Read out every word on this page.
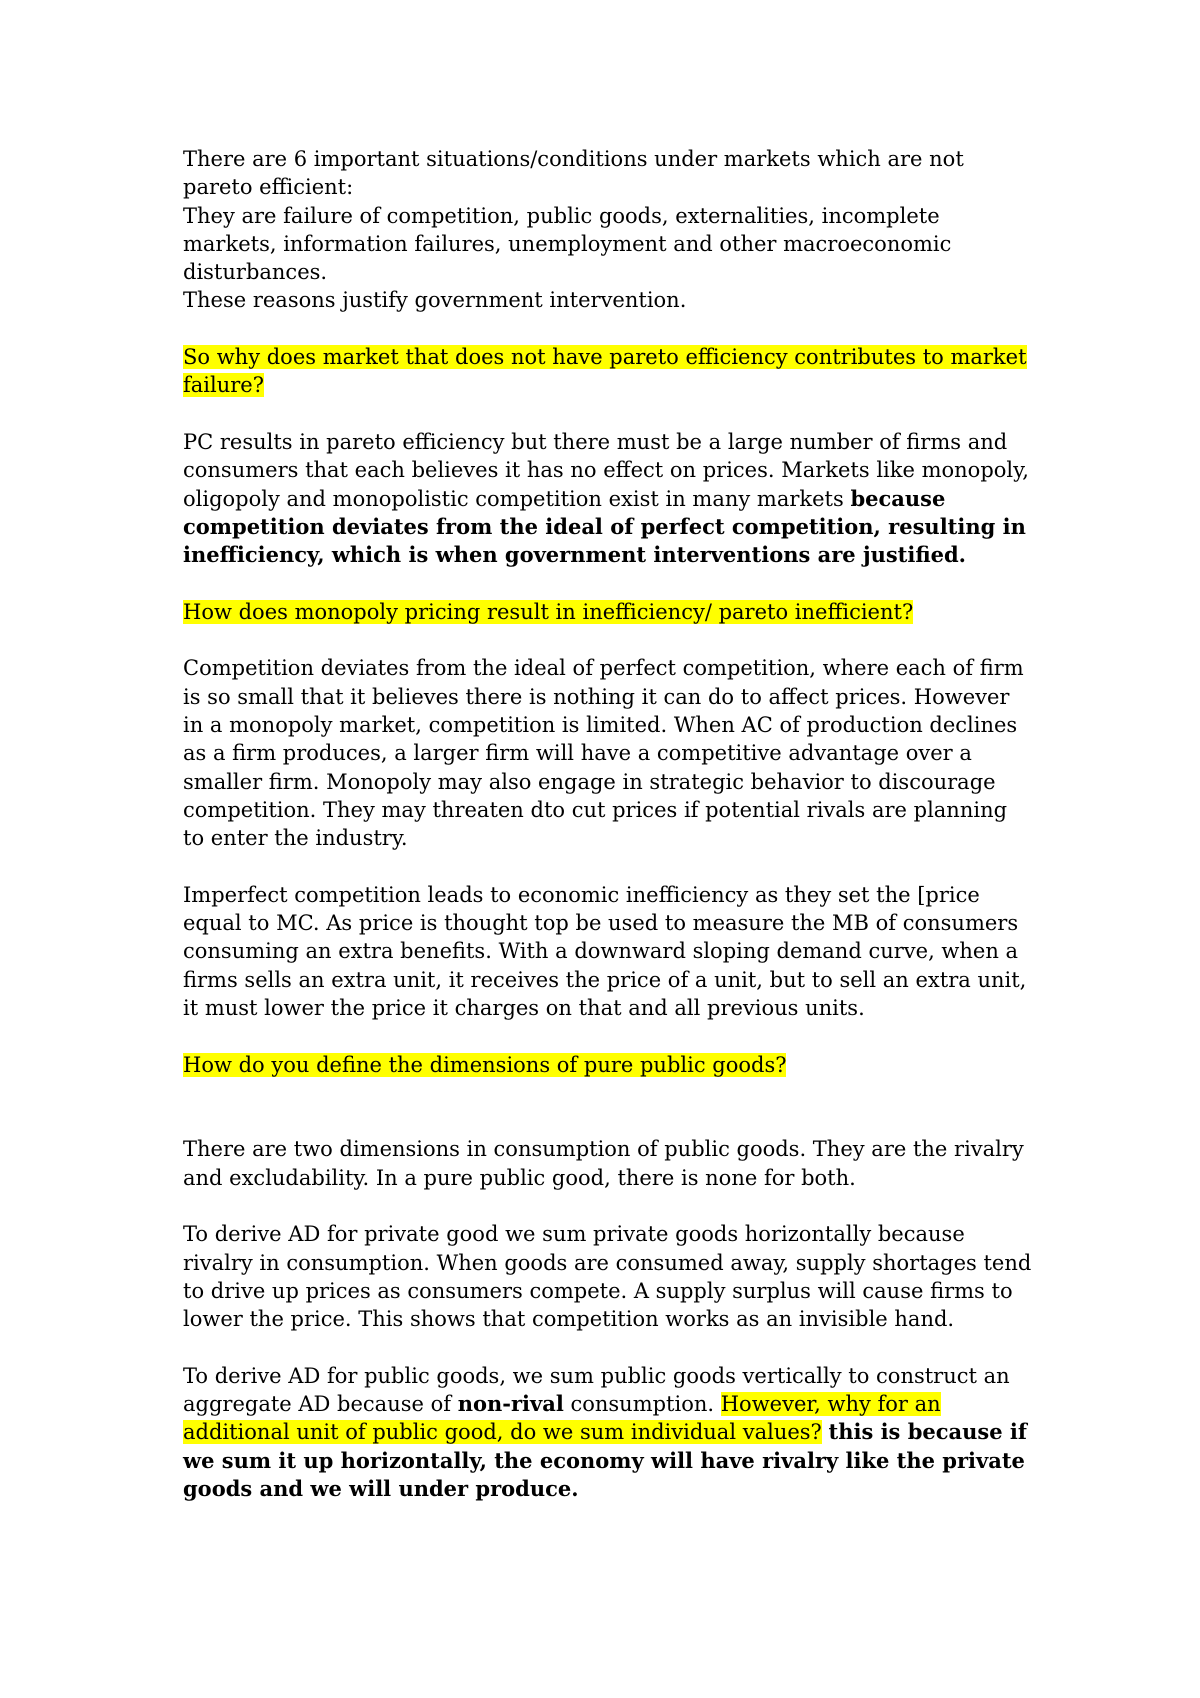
There are 6 important situations/conditions under markets which are not pareto efficient:
They are failure of competition, public goods, externalities, incomplete markets, information failures, unemployment and other macroeconomic disturbances.
These reasons justify government intervention.

So why does market that does not have pareto efficiency contributes to market failure?

PC results in pareto efficiency but there must be a large number of firms and consumers that each believes it has no effect on prices. Markets like monopoly, oligopoly and monopolistic competition exist in many markets because competition deviates from the ideal of perfect competition, resulting in inefficiency, which is when government interventions are justified.

How does monopoly pricing result in inefficiency/ pareto inefficient?

Competition deviates from the ideal of perfect competition, where each of firm is so small that it believes there is nothing it can do to affect prices. However in a monopoly market, competition is limited. When AC of production declines as a firm produces, a larger firm will have a competitive advantage over a smaller firm. Monopoly may also engage in strategic behavior to discourage competition. They may threaten dto cut prices if potential rivals are planning to enter the industry.

Imperfect competition leads to economic inefficiency as they set the [price equal to MC. As price is thought top be used to measure the MB of consumers consuming an extra benefits. With a downward sloping demand curve, when a firms sells an extra unit, it receives the price of a unit, but to sell an extra unit, it must lower the price it charges on that and all previous units.

How do you define the dimensions of pure public goods?

There are two dimensions in consumption of public goods. They are the rivalry and excludability. In a pure public good, there is none for both.

To derive AD for private good we sum private goods horizontally because rivalry in consumption. When goods are consumed away, supply shortages tend to drive up prices as consumers compete. A supply surplus will cause firms to lower the price. This shows that competition works as an invisible hand.

To derive AD for public goods, we sum public goods vertically to construct an aggregate AD because of non-rival consumption. However, why for an additional unit of public good, do we sum individual values? this is because if we sum it up horizontally, the economy will have rivalry like the private goods and we will under produce.
